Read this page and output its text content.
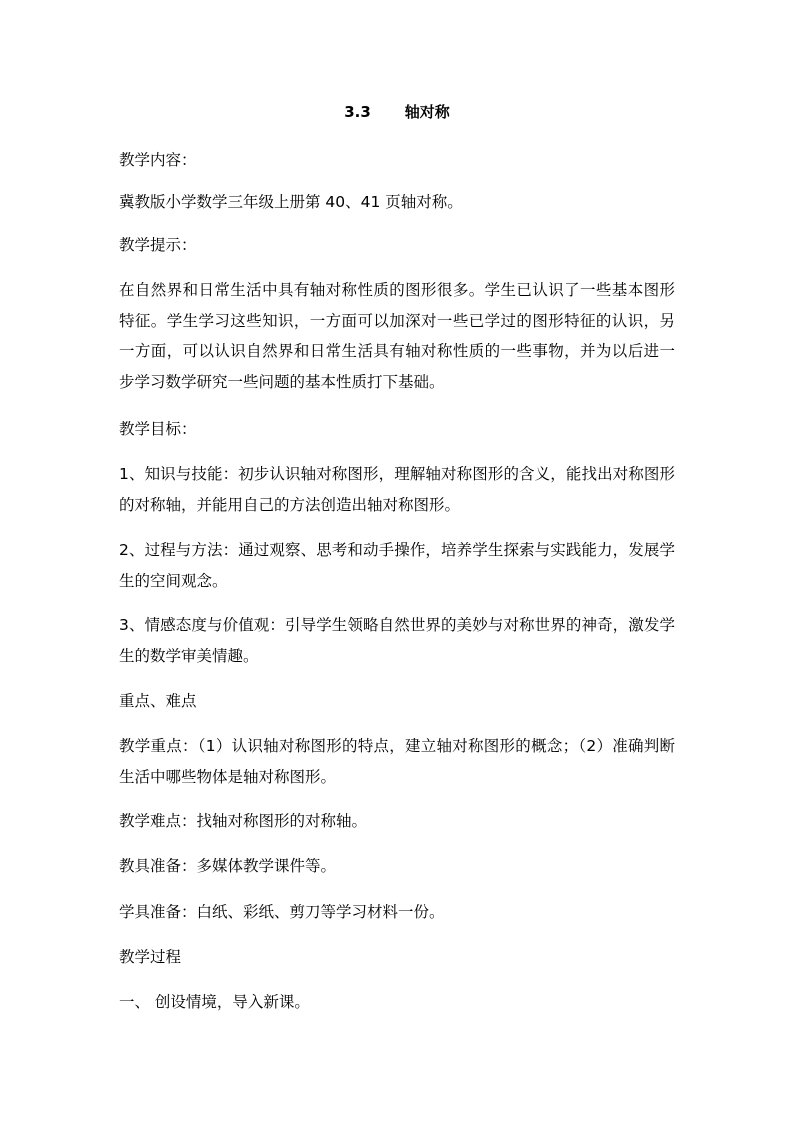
3.3 轴对称

教学内容：

冀教版小学数学三年级上册第 40、41 页轴对称。

教学提示：

在自然界和日常生活中具有轴对称性质的图形很多。学生已认识了一些基本图形特征。学生学习这些知识，一方面可以加深对一些已学过的图形特征的认识，另一方面，可以认识自然界和日常生活具有轴对称性质的一些事物，并为以后进一步学习数学研究一些问题的基本性质打下基础。

教学目标：

1、知识与技能：初步认识轴对称图形，理解轴对称图形的含义，能找出对称图形的对称轴，并能用自己的方法创造出轴对称图形。

2、过程与方法：通过观察、思考和动手操作，培养学生探索与实践能力，发展学生的空间观念。

3、情感态度与价值观：引导学生领略自然世界的美妙与对称世界的神奇，激发学生的数学审美情趣。

重点、难点

教学重点：（1）认识轴对称图形的特点，建立轴对称图形的概念；（2）准确判断生活中哪些物体是轴对称图形。

教学难点：找轴对称图形的对称轴。

教具准备：多媒体教学课件等。

学具准备：白纸、彩纸、剪刀等学习材料一份。

教学过程

一、 创设情境，导入新课。
